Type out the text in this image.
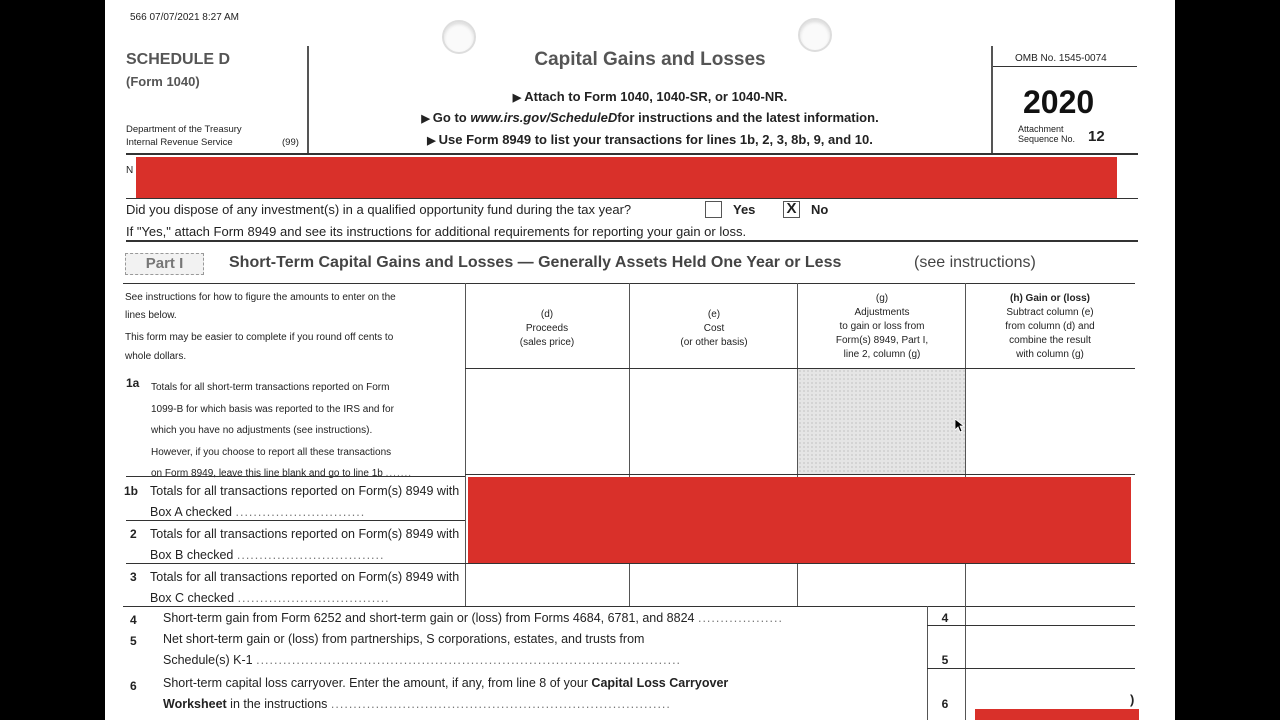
566 07/07/2021 8:27 AM
SCHEDULE D
(Form 1040)
Department of the Treasury
Internal Revenue Service	(99)
Capital Gains and Losses
▶ Attach to Form 1040, 1040-SR, or 1040-NR.
▶ Go to www.irs.gov/ScheduleDfor instructions and the latest information.
▶ Use Form 8949 to list your transactions for lines 1b, 2, 3, 8b, 9, and 10.
OMB No. 1545-0074
2020
Attachment
Sequence No. 12
N
Did you dispose of any investment(s) in a qualified opportunity fund during the tax year?	Yes X No
If "Yes," attach Form 8949 and see its instructions for additional requirements for reporting your gain or loss.
Part I	Short-Term Capital Gains and Losses — Generally Assets Held One Year or Less	(see instructions)
See instructions for how to figure the amounts to enter on the
lines below.
This form may be easier to complete if you round off cents to
whole dollars.
(d)
Proceeds
(sales price)
(e)
Cost
(or other basis)
(g)
Adjustments
to gain or loss from
Form(s) 8949, Part I,
line 2, column (g)
(h) Gain or (loss)
Subtract column (e)
from column (d) and
combine the result
with column (g)
1a Totals for all short-term transactions reported on Form
1099-B for which basis was reported to the IRS and for
which you have no adjustments (see instructions).
However, if you choose to report all these transactions
on Form 8949, leave this line blank and go to line 1b .......
1b Totals for all transactions reported on Form(s) 8949 with
Box A checked .............................
2 Totals for all transactions reported on Form(s) 8949 with
Box B checked .................................
3 Totals for all transactions reported on Form(s) 8949 with
Box C checked ..................................
4 Short-term gain from Form 6252 and short-term gain or (loss) from Forms 4684, 6781, and 8824 ...................	4
5 Net short-term gain or (loss) from partnerships, S corporations, estates, and trusts from
Schedule(s) K-1 ...............................................................................................	5
6 Short-term capital loss carryover. Enter the amount, if any, from line 8 of your Capital Loss Carryover
Worksheet in the instructions ............................................................................	6	)
